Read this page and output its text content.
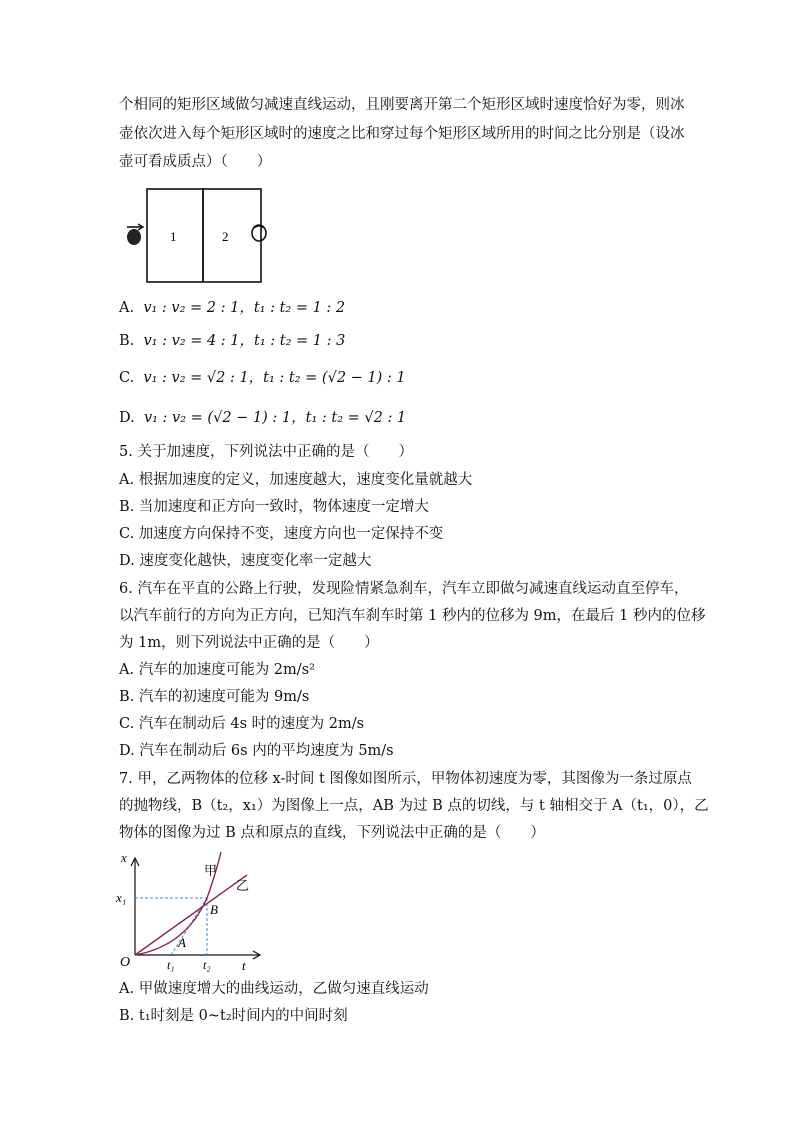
个相同的矩形区域做匀减速直线运动，且刚要离开第二个矩形区域时速度恰好为零，则冰
壶依次进入每个矩形区域时的速度之比和穿过每个矩形区域所用的时间之比分别是（设冰
壶可看成质点）（　　）
1	2
A. v₁ : v₂ = 2 : 1，t₁ : t₂ = 1 : 2
B. v₁ : v₂ = 4 : 1，t₁ : t₂ = 1 : 3
C. v₁ : v₂ = √2 : 1，t₁ : t₂ = (√2 − 1) : 1
D. v₁ : v₂ = (√2 − 1) : 1，t₁ : t₂ = √2 : 1
5. 关于加速度，下列说法中正确的是（　　）
A. 根据加速度的定义，加速度越大，速度变化量就越大
B. 当加速度和正方向一致时，物体速度一定增大
C. 加速度方向保持不变，速度方向也一定保持不变
D. 速度变化越快，速度变化率一定越大
6. 汽车在平直的公路上行驶，发现险情紧急刹车，汽车立即做匀减速直线运动直至停车，
以汽车前行的方向为正方向，已知汽车刹车时第 1 秒内的位移为 9m，在最后 1 秒内的位移
为 1m，则下列说法中正确的是（　　）
A. 汽车的加速度可能为 2m/s²
B. 汽车的初速度可能为 9m/s
C. 汽车在制动后 4s 时的速度为 2m/s
D. 汽车在制动后 6s 内的平均速度为 5m/s
7. 甲，乙两物体的位移 x-时间 t 图像如图所示，甲物体初速度为零，其图像为一条过原点
的抛物线，B（t₂，x₁）为图像上一点，AB 为过 B 点的切线，与 t 轴相交于 A（t₁，0），乙
物体的图像为过 B 点和原点的直线，下列说法中正确的是（　　）
x
t
O
x₁
t₁ t₂
A
B
甲
乙
A. 甲做速度增大的曲线运动，乙做匀速直线运动
B. t₁时刻是 0~t₂时间内的中间时刻
